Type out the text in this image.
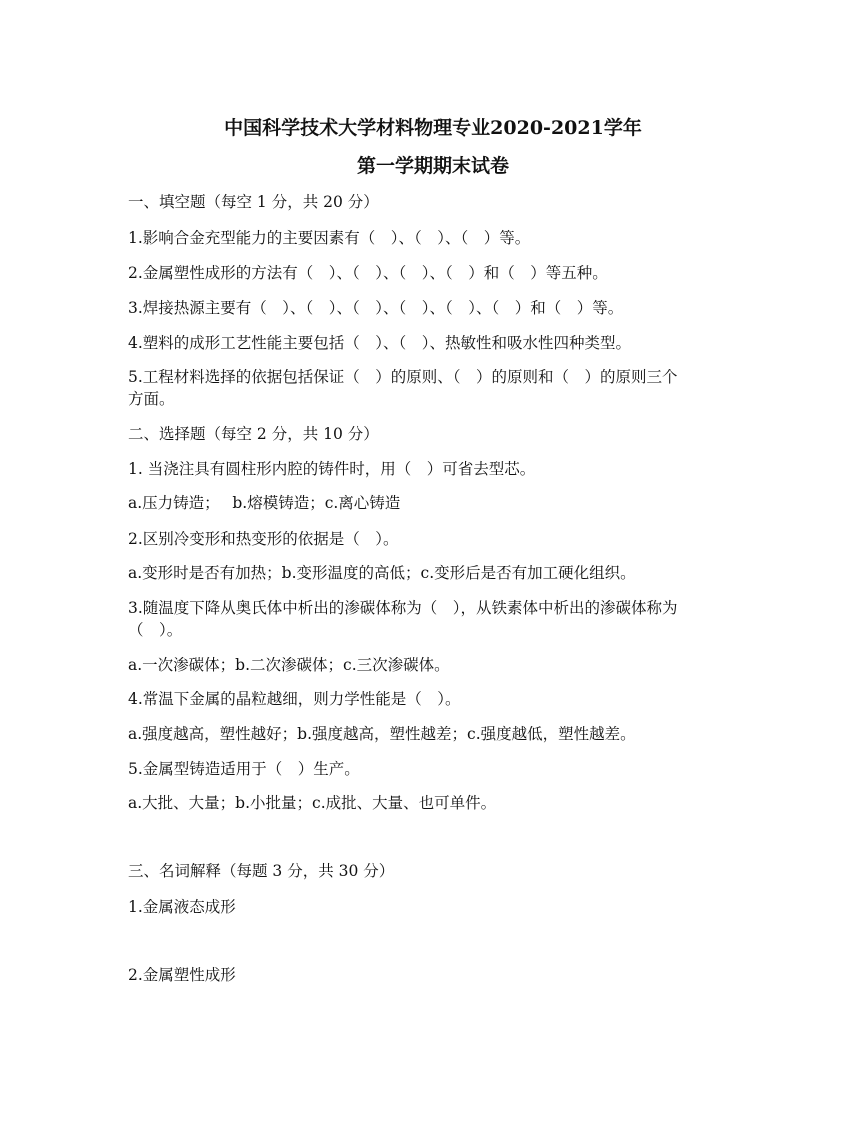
中国科学技术大学材料物理专业2020-2021学年
第一学期期末试卷
一、填空题（每空 1 分，共 20 分）
1.影响合金充型能力的主要因素有（　）、（　）、（　）等。
2.金属塑性成形的方法有（　）、（　）、（　）、（　）和（　）等五种。
3.焊接热源主要有（　）、（　）、（　）、（　）、（　）、（　）和（　）等。
4.塑料的成形工艺性能主要包括（　）、（　）、热敏性和吸水性四种类型。
5.工程材料选择的依据包括保证（　）的原则、（　）的原则和（　）的原则三个
方面。
二、选择题（每空 2 分，共 10 分）
1. 当浇注具有圆柱形内腔的铸件时，用（　）可省去型芯。
a.压力铸造；　 b.熔模铸造；c.离心铸造
2.区别冷变形和热变形的依据是（　）。
a.变形时是否有加热；b.变形温度的高低；c.变形后是否有加工硬化组织。
3.随温度下降从奥氏体中析出的渗碳体称为（　），从铁素体中析出的渗碳体称为
（　）。
a.一次渗碳体；b.二次渗碳体；c.三次渗碳体。
4.常温下金属的晶粒越细，则力学性能是（　）。
a.强度越高，塑性越好；b.强度越高，塑性越差；c.强度越低，塑性越差。
5.金属型铸造适用于（　）生产。
a.大批、大量；b.小批量；c.成批、大量、也可单件。
三、名词解释（每题 3 分，共 30 分）
1.金属液态成形
2.金属塑性成形
